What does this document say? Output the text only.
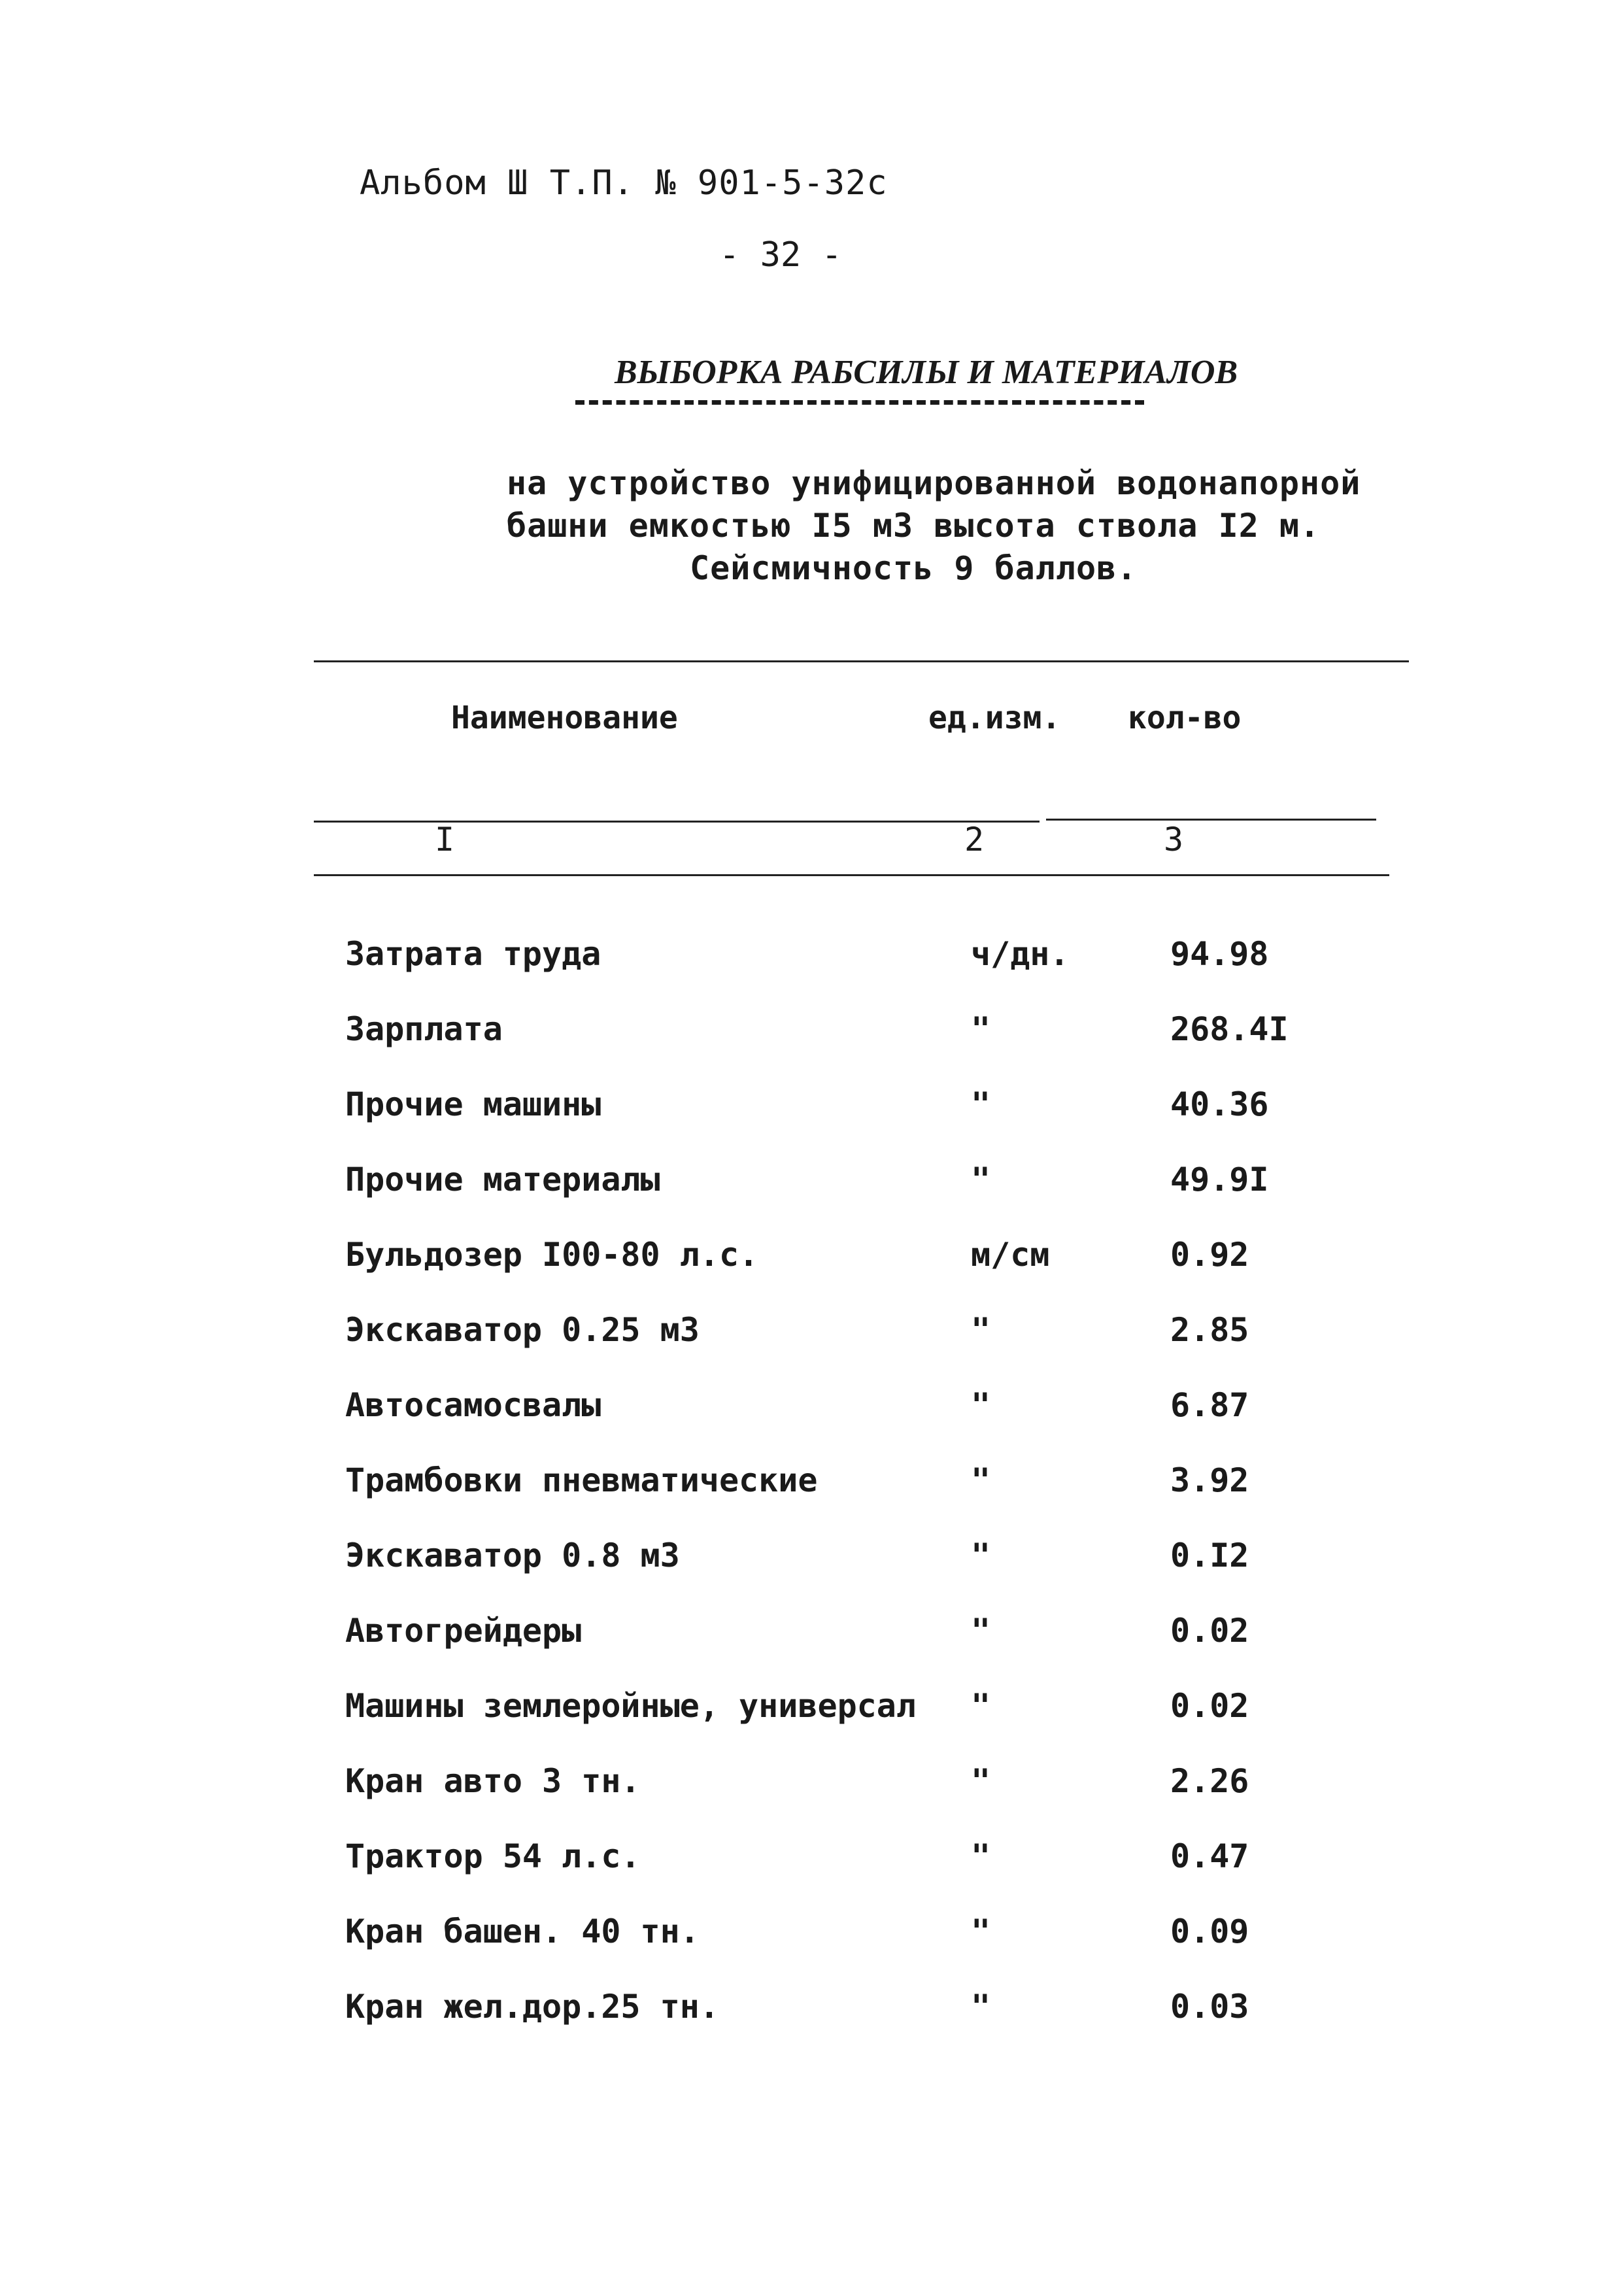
Альбом Ш Т.П. № 901-5-32с
- 32 -
ВЫБОРКА РАБСИЛЫ И МАТЕРИАЛОВ
на устройство унифицированной водонапорной
башни емкостью I5 м3 высота ствола I2 м.
Сейсмичность 9 баллов.
Наименование	ед.изм. кол-во
I	2	3
Затрата труда	ч/дн.	94.98
Зарплата	"	268.4I
Прочие машины	"	40.36
Прочие материалы	"	49.9I
Бульдозер I00-80 л.с.	м/см	0.92
Экскаватор 0.25 м3	"	2.85
Автосамосвалы	"	6.87
Трамбовки пневматические	"	3.92
Экскаватор 0.8 м3	"	0.I2
Автогрейдеры	"	0.02
Машины землеройные, универсал "	0.02
Кран авто 3 тн.	"	2.26
Трактор 54 л.с.	"	0.47
Кран башен. 40 тн.	"	0.09
Кран жел.дор.25 тн.	"	0.03
